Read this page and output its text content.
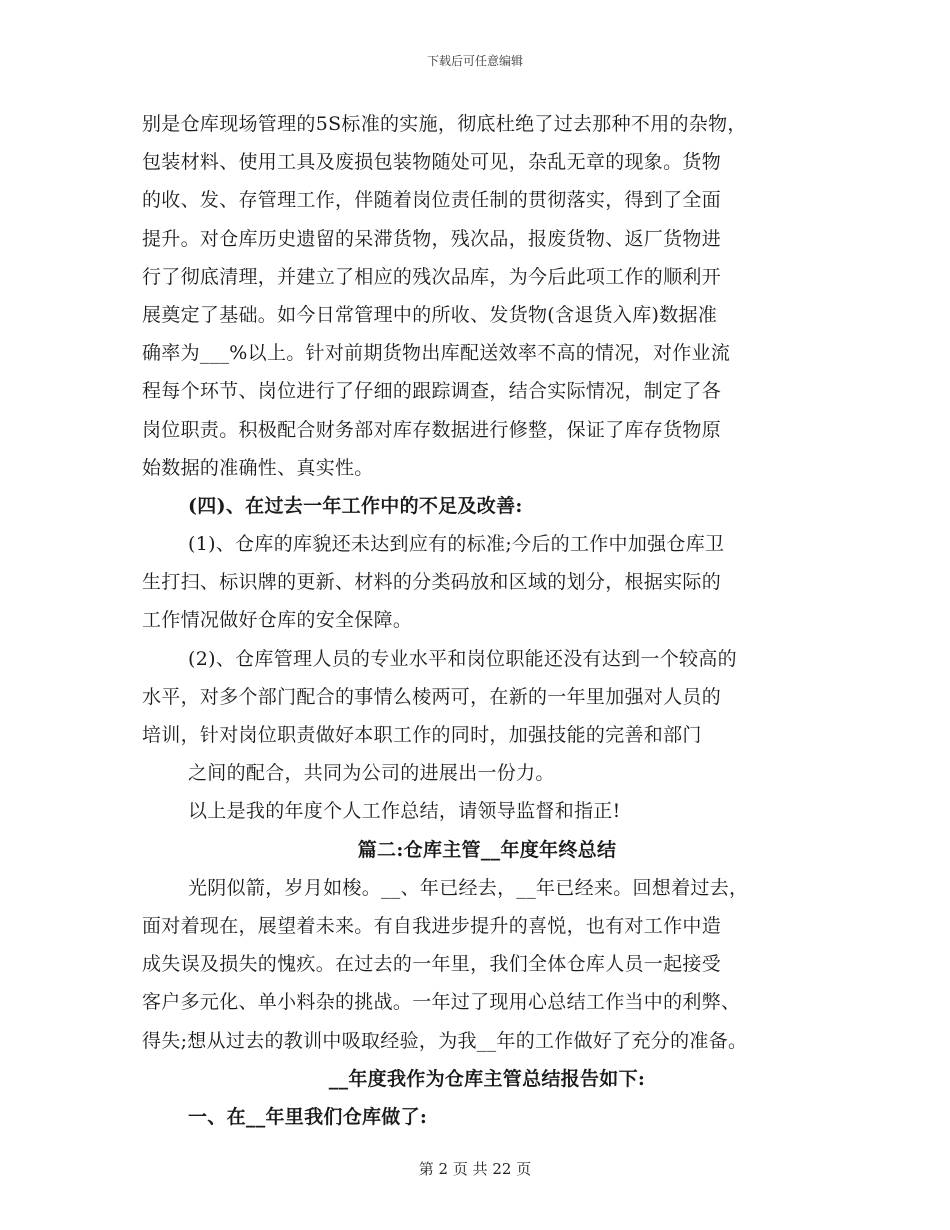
下载后可任意编辑
别是仓库现场管理的5S标准的实施，彻底杜绝了过去那种不用的杂物，
包装材料、使用工具及废损包装物随处可见，杂乱无章的现象。货物
的收、发、存管理工作，伴随着岗位责任制的贯彻落实，得到了全面
提升。对仓库历史遗留的呆滞货物，残次品，报废货物、返厂货物进
行了彻底清理，并建立了相应的残次品库，为今后此项工作的顺利开
展奠定了基础。如今日常管理中的所收、发货物(含退货入库)数据准
确率为___%以上。针对前期货物出库配送效率不高的情况，对作业流
程每个环节、岗位进行了仔细的跟踪调查，结合实际情况，制定了各
岗位职责。积极配合财务部对库存数据进行修整，保证了库存货物原
始数据的准确性、真实性。
(四)、在过去一年工作中的不足及改善:
(1)、仓库的库貌还未达到应有的标准;今后的工作中加强仓库卫
生打扫、标识牌的更新、材料的分类码放和区域的划分，根据实际的
工作情况做好仓库的安全保障。
(2)、仓库管理人员的专业水平和岗位职能还没有达到一个较高的
水平，对多个部门配合的事情么棱两可，在新的一年里加强对人员的
培训，针对岗位职责做好本职工作的同时，加强技能的完善和部门
之间的配合，共同为公司的进展出一份力。
以上是我的年度个人工作总结，请领导监督和指正!
篇二:仓库主管__年度年终总结
光阴似箭，岁月如梭。__、年已经去，__年已经来。回想着过去，
面对着现在，展望着未来。有自我进步提升的喜悦，也有对工作中造
成失误及损失的愧疚。在过去的一年里，我们全体仓库人员一起接受
客户多元化、单小料杂的挑战。一年过了现用心总结工作当中的利弊、
得失;想从过去的教训中吸取经验，为我__年的工作做好了充分的准备。
__年度我作为仓库主管总结报告如下:
一、在__年里我们仓库做了:
第 2 页 共 22 页
